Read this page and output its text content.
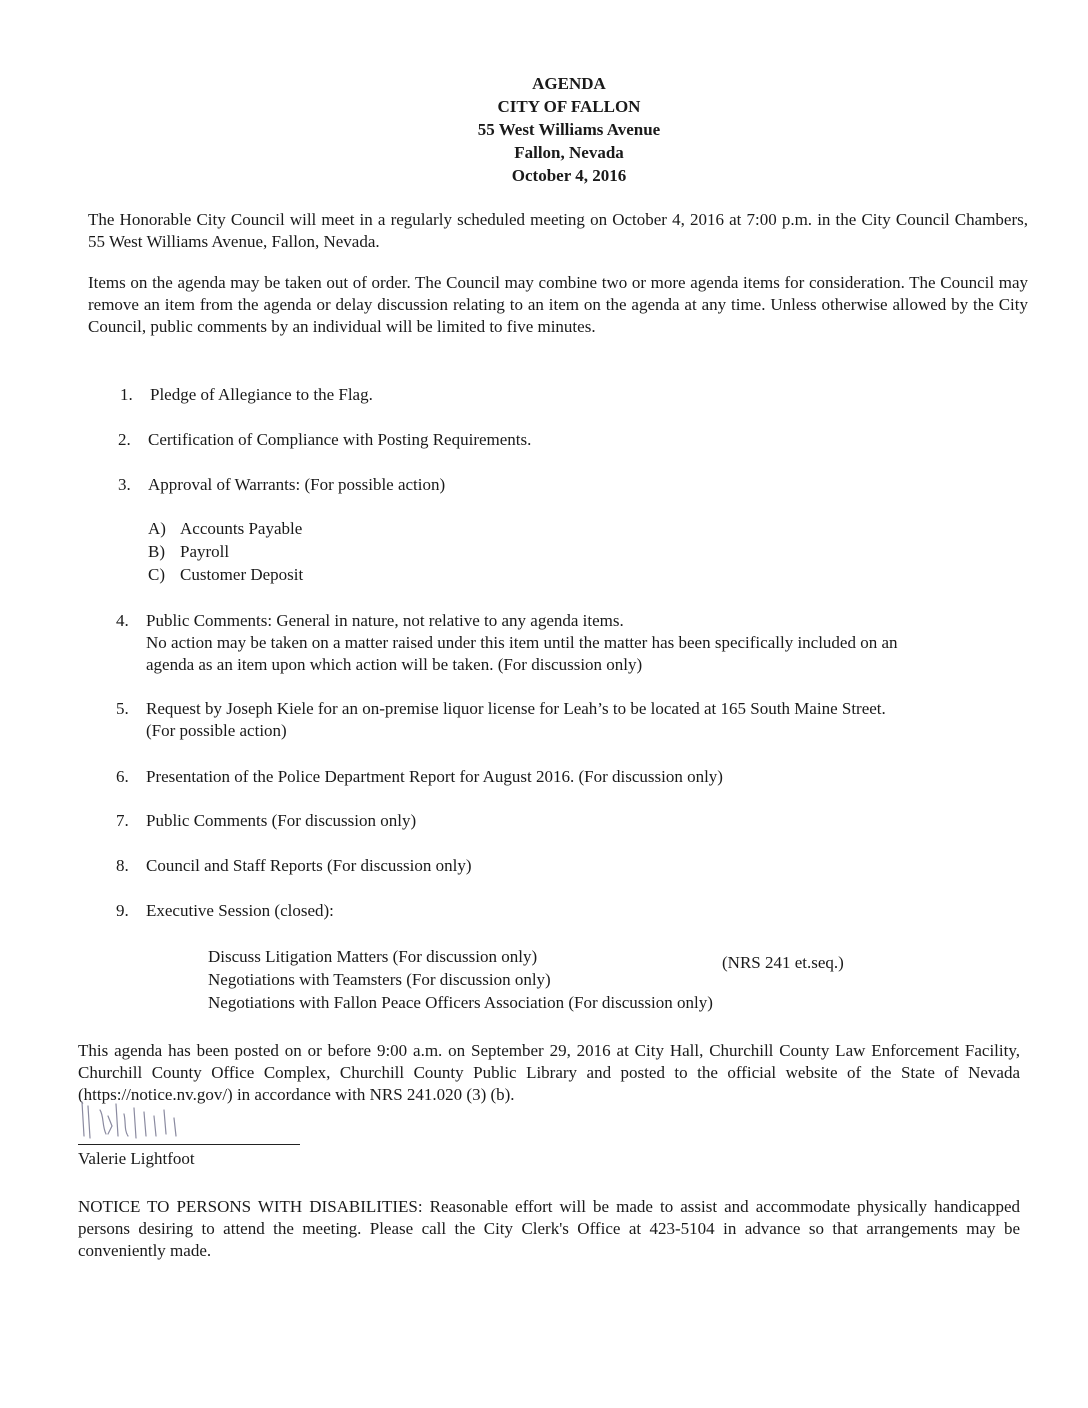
AGENDA
CITY OF FALLON
55 West Williams Avenue
Fallon, Nevada
October 4, 2016

The Honorable City Council will meet in a regularly scheduled meeting on October 4, 2016 at 7:00 p.m. in the City Council Chambers, 55 West Williams Avenue, Fallon, Nevada.

Items on the agenda may be taken out of order. The Council may combine two or more agenda items for consideration. The Council may remove an item from the agenda or delay discussion relating to an item on the agenda at any time. Unless otherwise allowed by the City Council, public comments by an individual will be limited to five minutes.

1. Pledge of Allegiance to the Flag.
2. Certification of Compliance with Posting Requirements.
3. Approval of Warrants: (For possible action)
A) Accounts Payable
B) Payroll
C) Customer Deposit
4. Public Comments: General in nature, not relative to any agenda items.
No action may be taken on a matter raised under this item until the matter has been specifically included on an
agenda as an item upon which action will be taken. (For discussion only)
5. Request by Joseph Kiele for an on-premise liquor license for Leah’s to be located at 165 South Maine Street.
(For possible action)
6. Presentation of the Police Department Report for August 2016. (For discussion only)
7. Public Comments (For discussion only)
8. Council and Staff Reports (For discussion only)
9. Executive Session (closed):
Discuss Litigation Matters (For discussion only)	(NRS 241 et.seq.)
Negotiations with Teamsters (For discussion only)
Negotiations with Fallon Peace Officers Association (For discussion only)

This agenda has been posted on or before 9:00 a.m. on September 29, 2016 at City Hall, Churchill County Law Enforcement Facility, Churchill County Office Complex, Churchill County Public Library and posted to the official website of the State of Nevada (https://notice.nv.gov/) in accordance with NRS 241.020 (3) (b).

Valerie Lightfoot

NOTICE TO PERSONS WITH DISABILITIES: Reasonable effort will be made to assist and accommodate physically handicapped persons desiring to attend the meeting. Please call the City Clerk's Office at 423-5104 in advance so that arrangements may be conveniently made.
